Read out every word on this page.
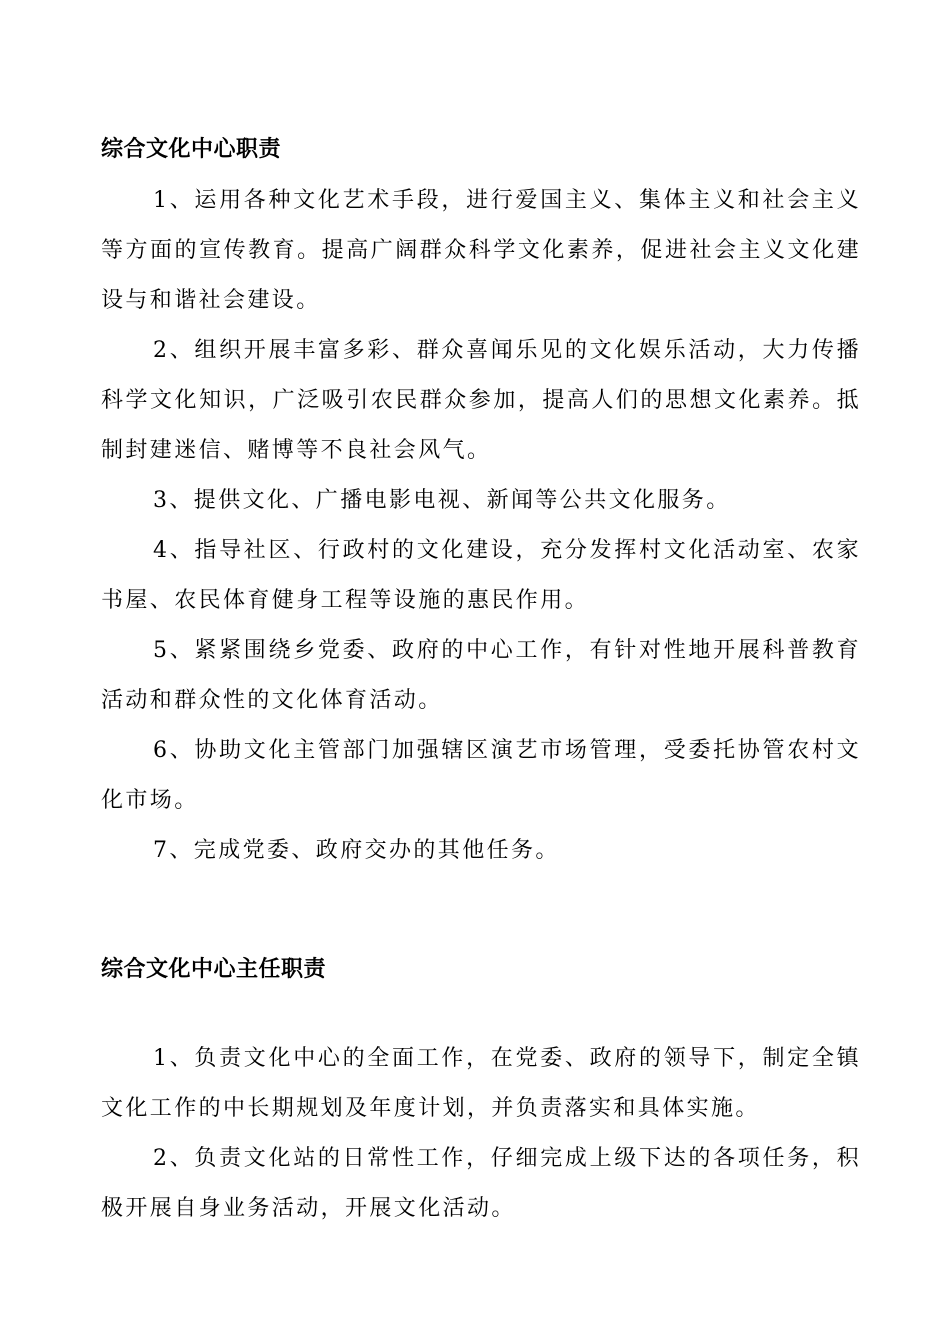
综合文化中心职责

1、运用各种文化艺术手段，进行爱国主义、集体主义和社会主义等方面的宣传教育。提高广阔群众科学文化素养，促进社会主义文化建设与和谐社会建设。

2、组织开展丰富多彩、群众喜闻乐见的文化娱乐活动，大力传播科学文化知识，广泛吸引农民群众参加，提高人们的思想文化素养。抵制封建迷信、赌博等不良社会风气。

3、提供文化、广播电影电视、新闻等公共文化服务。

4、指导社区、行政村的文化建设，充分发挥村文化活动室、农家书屋、农民体育健身工程等设施的惠民作用。

5、紧紧围绕乡党委、政府的中心工作，有针对性地开展科普教育活动和群众性的文化体育活动。

6、协助文化主管部门加强辖区演艺市场管理，受委托协管农村文化市场。

7、完成党委、政府交办的其他任务。

综合文化中心主任职责

1、负责文化中心的全面工作，在党委、政府的领导下，制定全镇文化工作的中长期规划及年度计划，并负责落实和具体实施。

2、负责文化站的日常性工作，仔细完成上级下达的各项任务，积极开展自身业务活动，开展文化活动。
